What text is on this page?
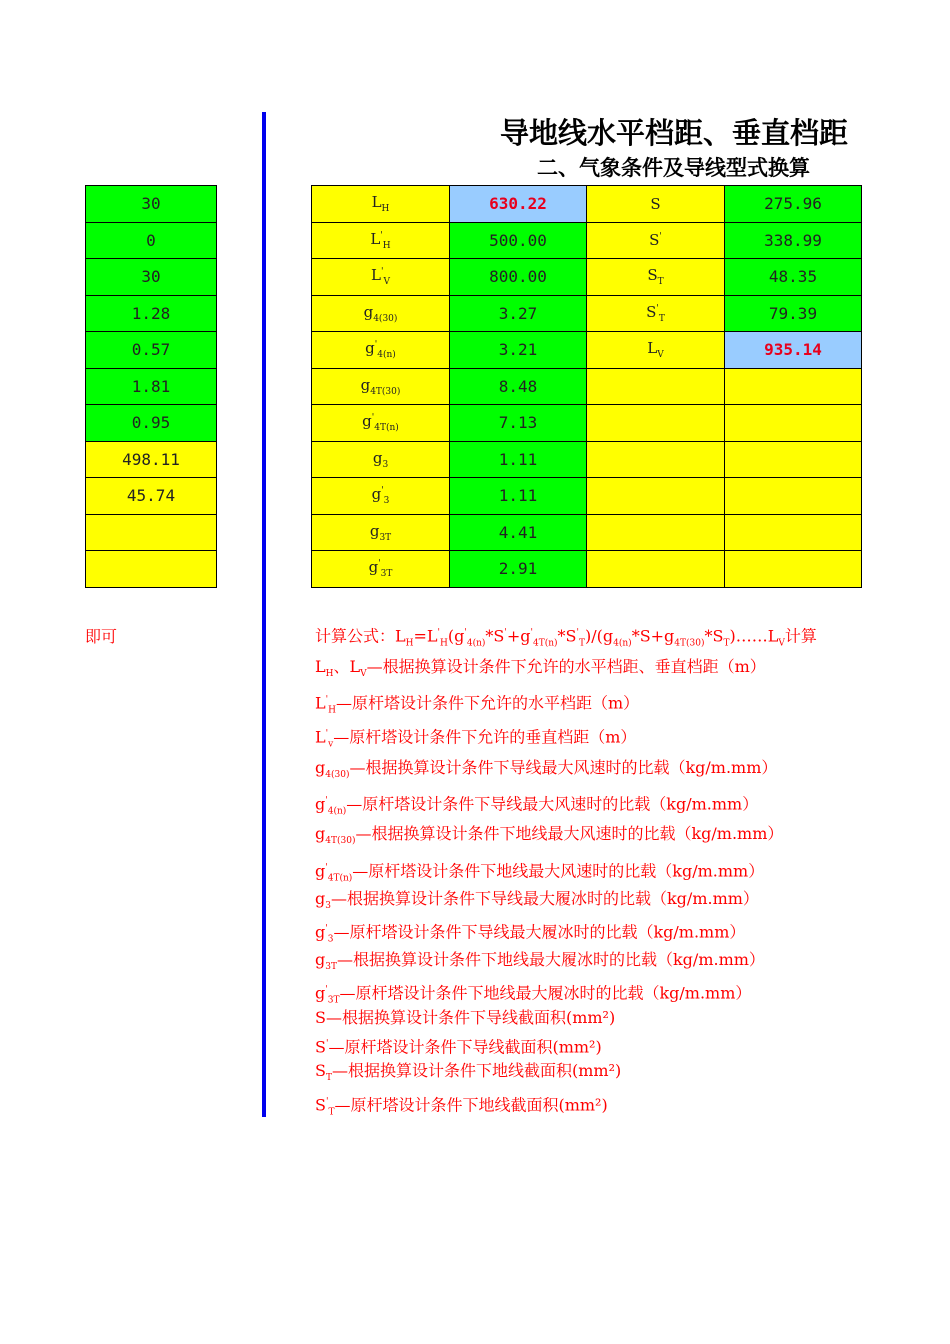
导地线水平档距、垂直档距
二、气象条件及导线型式换算
30
0
30
1.28
0.57
1.81
0.95
498.11
45.74

$L_H$	630.22	S	275.96
$L'_H$	500.00	S'	338.99
$L'_V$	800.00	$S_T$	48.35
$g_{4(30)}$	3.27	$S'_T$	79.39
$g'_{4(n)}$	3.21	$L_V$	935.14
$g_{4T(30)}$	8.48		
$g'_{4T(n)}$	7.13		
$g_3$	1.11		
$g'_3$	1.11		
$g_{3T}$	4.41		
$g'_{3T}$	2.91		
即可	计算公式：$L_H=L'_H(g'_{4(n)}*S'+g'_{4T(n)}*S'_T)/(g_{4(n)}*S+g_{4T(30)}*S_T)\dots\dots L_V$计算
$L_H$、$L_V—$根据换算设计条件下允许的水平档距、垂直档距（m）
$L'_H—$原杆塔设计条件下允许的水平档距（m）
$L'_v—$原杆塔设计条件下允许的垂直档距（m）
$g_{4(30)}—$根据换算设计条件下导线最大风速时的比载（kg/m.mm）
$g'_{4(n)}—$原杆塔设计条件下导线最大风速时的比载（kg/m.mm）
$g_{4T(30)}—$根据换算设计条件下地线最大风速时的比载（kg/m.mm）
$g'_{4T(n)}—$原杆塔设计条件下地线最大风速时的比载（kg/m.mm）
$g_3—$根据换算设计条件下导线最大履冰时的比载（kg/m.mm）
$g'_3—$原杆塔设计条件下导线最大履冰时的比载（kg/m.mm）
$g_{3T}—$根据换算设计条件下地线最大履冰时的比载（kg/m.mm）
$g'_{3T}—$原杆塔设计条件下地线最大履冰时的比载（kg/m.mm）
S—根据换算设计条件下导线截面积(mm²)
S'—原杆塔设计条件下导线截面积(mm²)
$S_T—$根据换算设计条件下地线截面积(mm²)
$S'_T—$原杆塔设计条件下地线截面积(mm²)
